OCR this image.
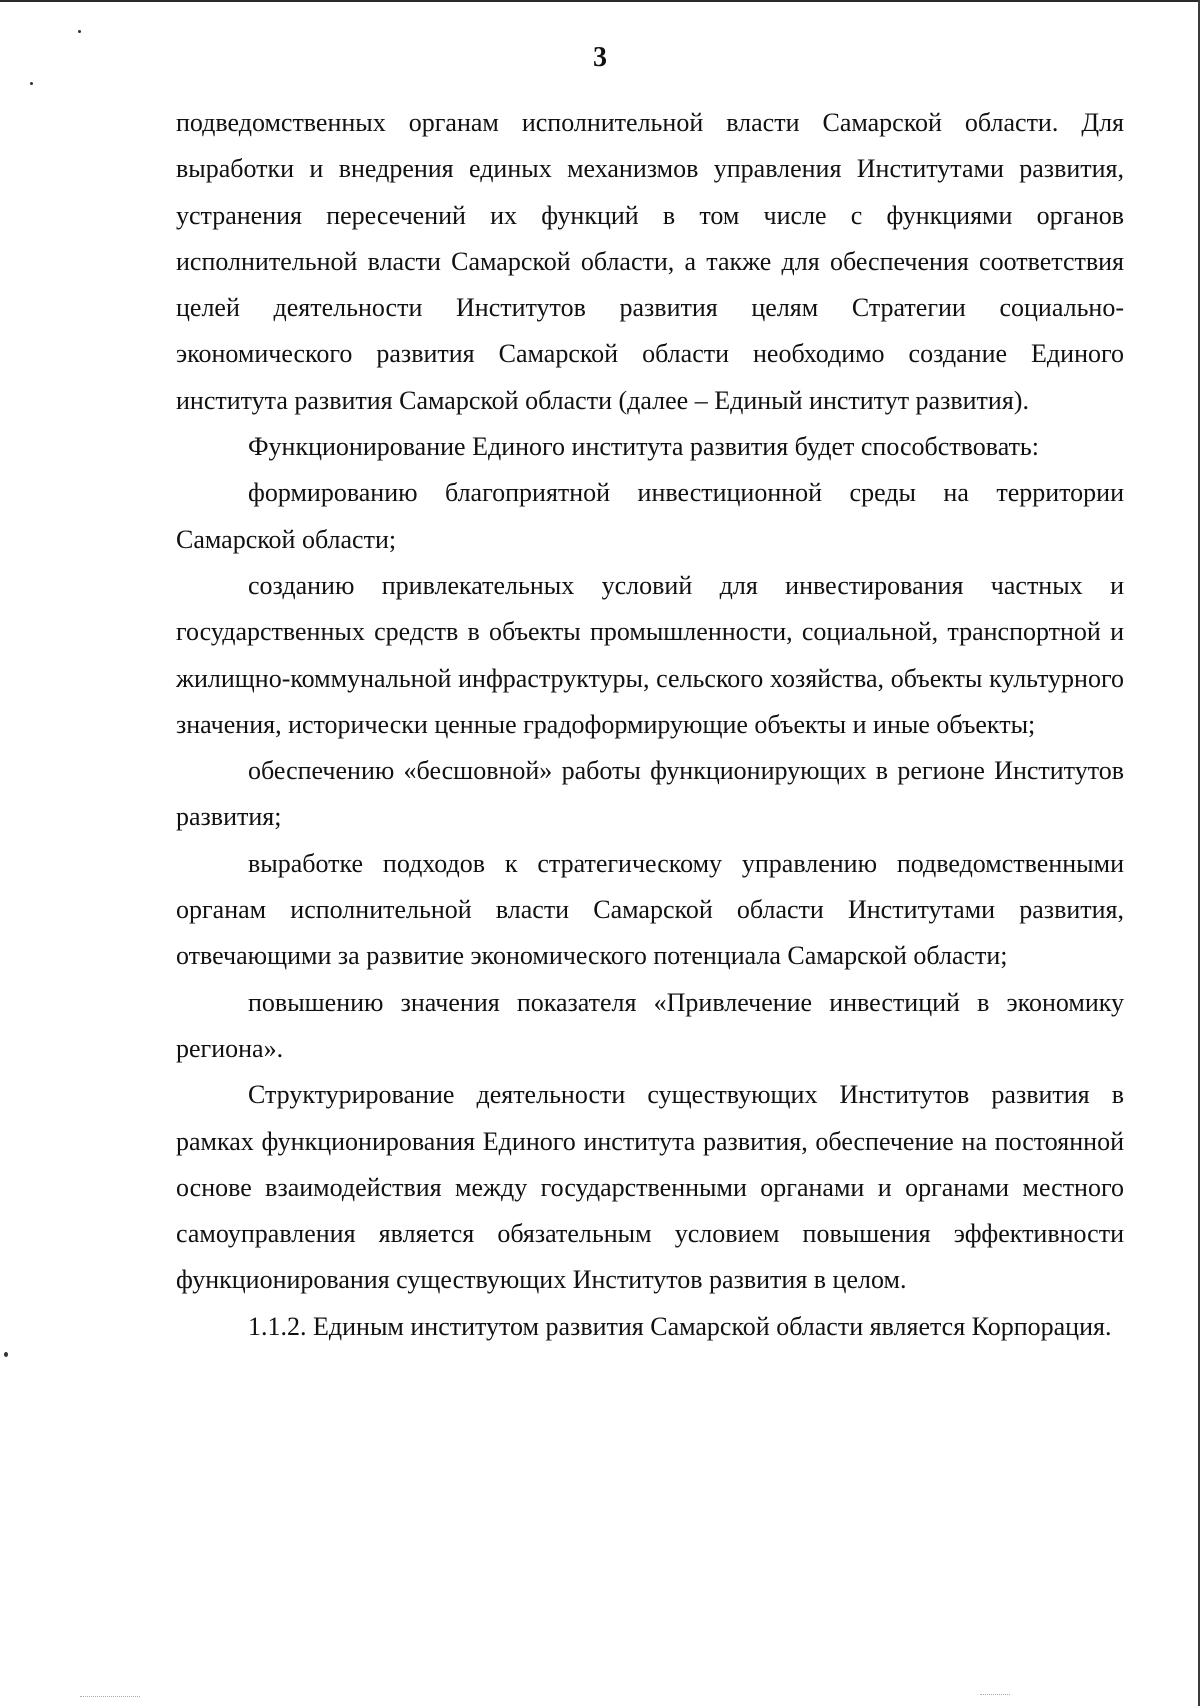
3

подведомственных органам исполнительной власти Самарской области. Для выработки и внедрения единых механизмов управления Институтами развития, устранения пересечений их функций в том числе с функциями органов исполнительной власти Самарской области, а также для обеспечения соответствия целей деятельности Институтов развития целям Стратегии социально-экономического развития Самарской области необходимо создание Единого института развития Самарской области (далее – Единый институт развития).

Функционирование Единого института развития будет способствовать:

формированию благоприятной инвестиционной среды на территории Самарской области;

созданию привлекательных условий для инвестирования частных и государственных средств в объекты промышленности, социальной, транспортной и жилищно-коммунальной инфраструктуры, сельского хозяйства, объекты культурного значения, исторически ценные градоформирующие объекты и иные объекты;

обеспечению «бесшовной» работы функционирующих в регионе Институтов развития;

выработке подходов к стратегическому управлению подведомственными органам исполнительной власти Самарской области Институтами развития, отвечающими за развитие экономического потенциала Самарской области;

повышению значения показателя «Привлечение инвестиций в экономику региона».

Структурирование деятельности существующих Институтов развития в рамках функционирования Единого института развития, обеспечение на постоянной основе взаимодействия между государственными органами и органами местного самоуправления является обязательным условием повышения эффективности функционирования существующих Институтов развития в целом.

1.1.2. Единым институтом развития Самарской области является Корпорация.
